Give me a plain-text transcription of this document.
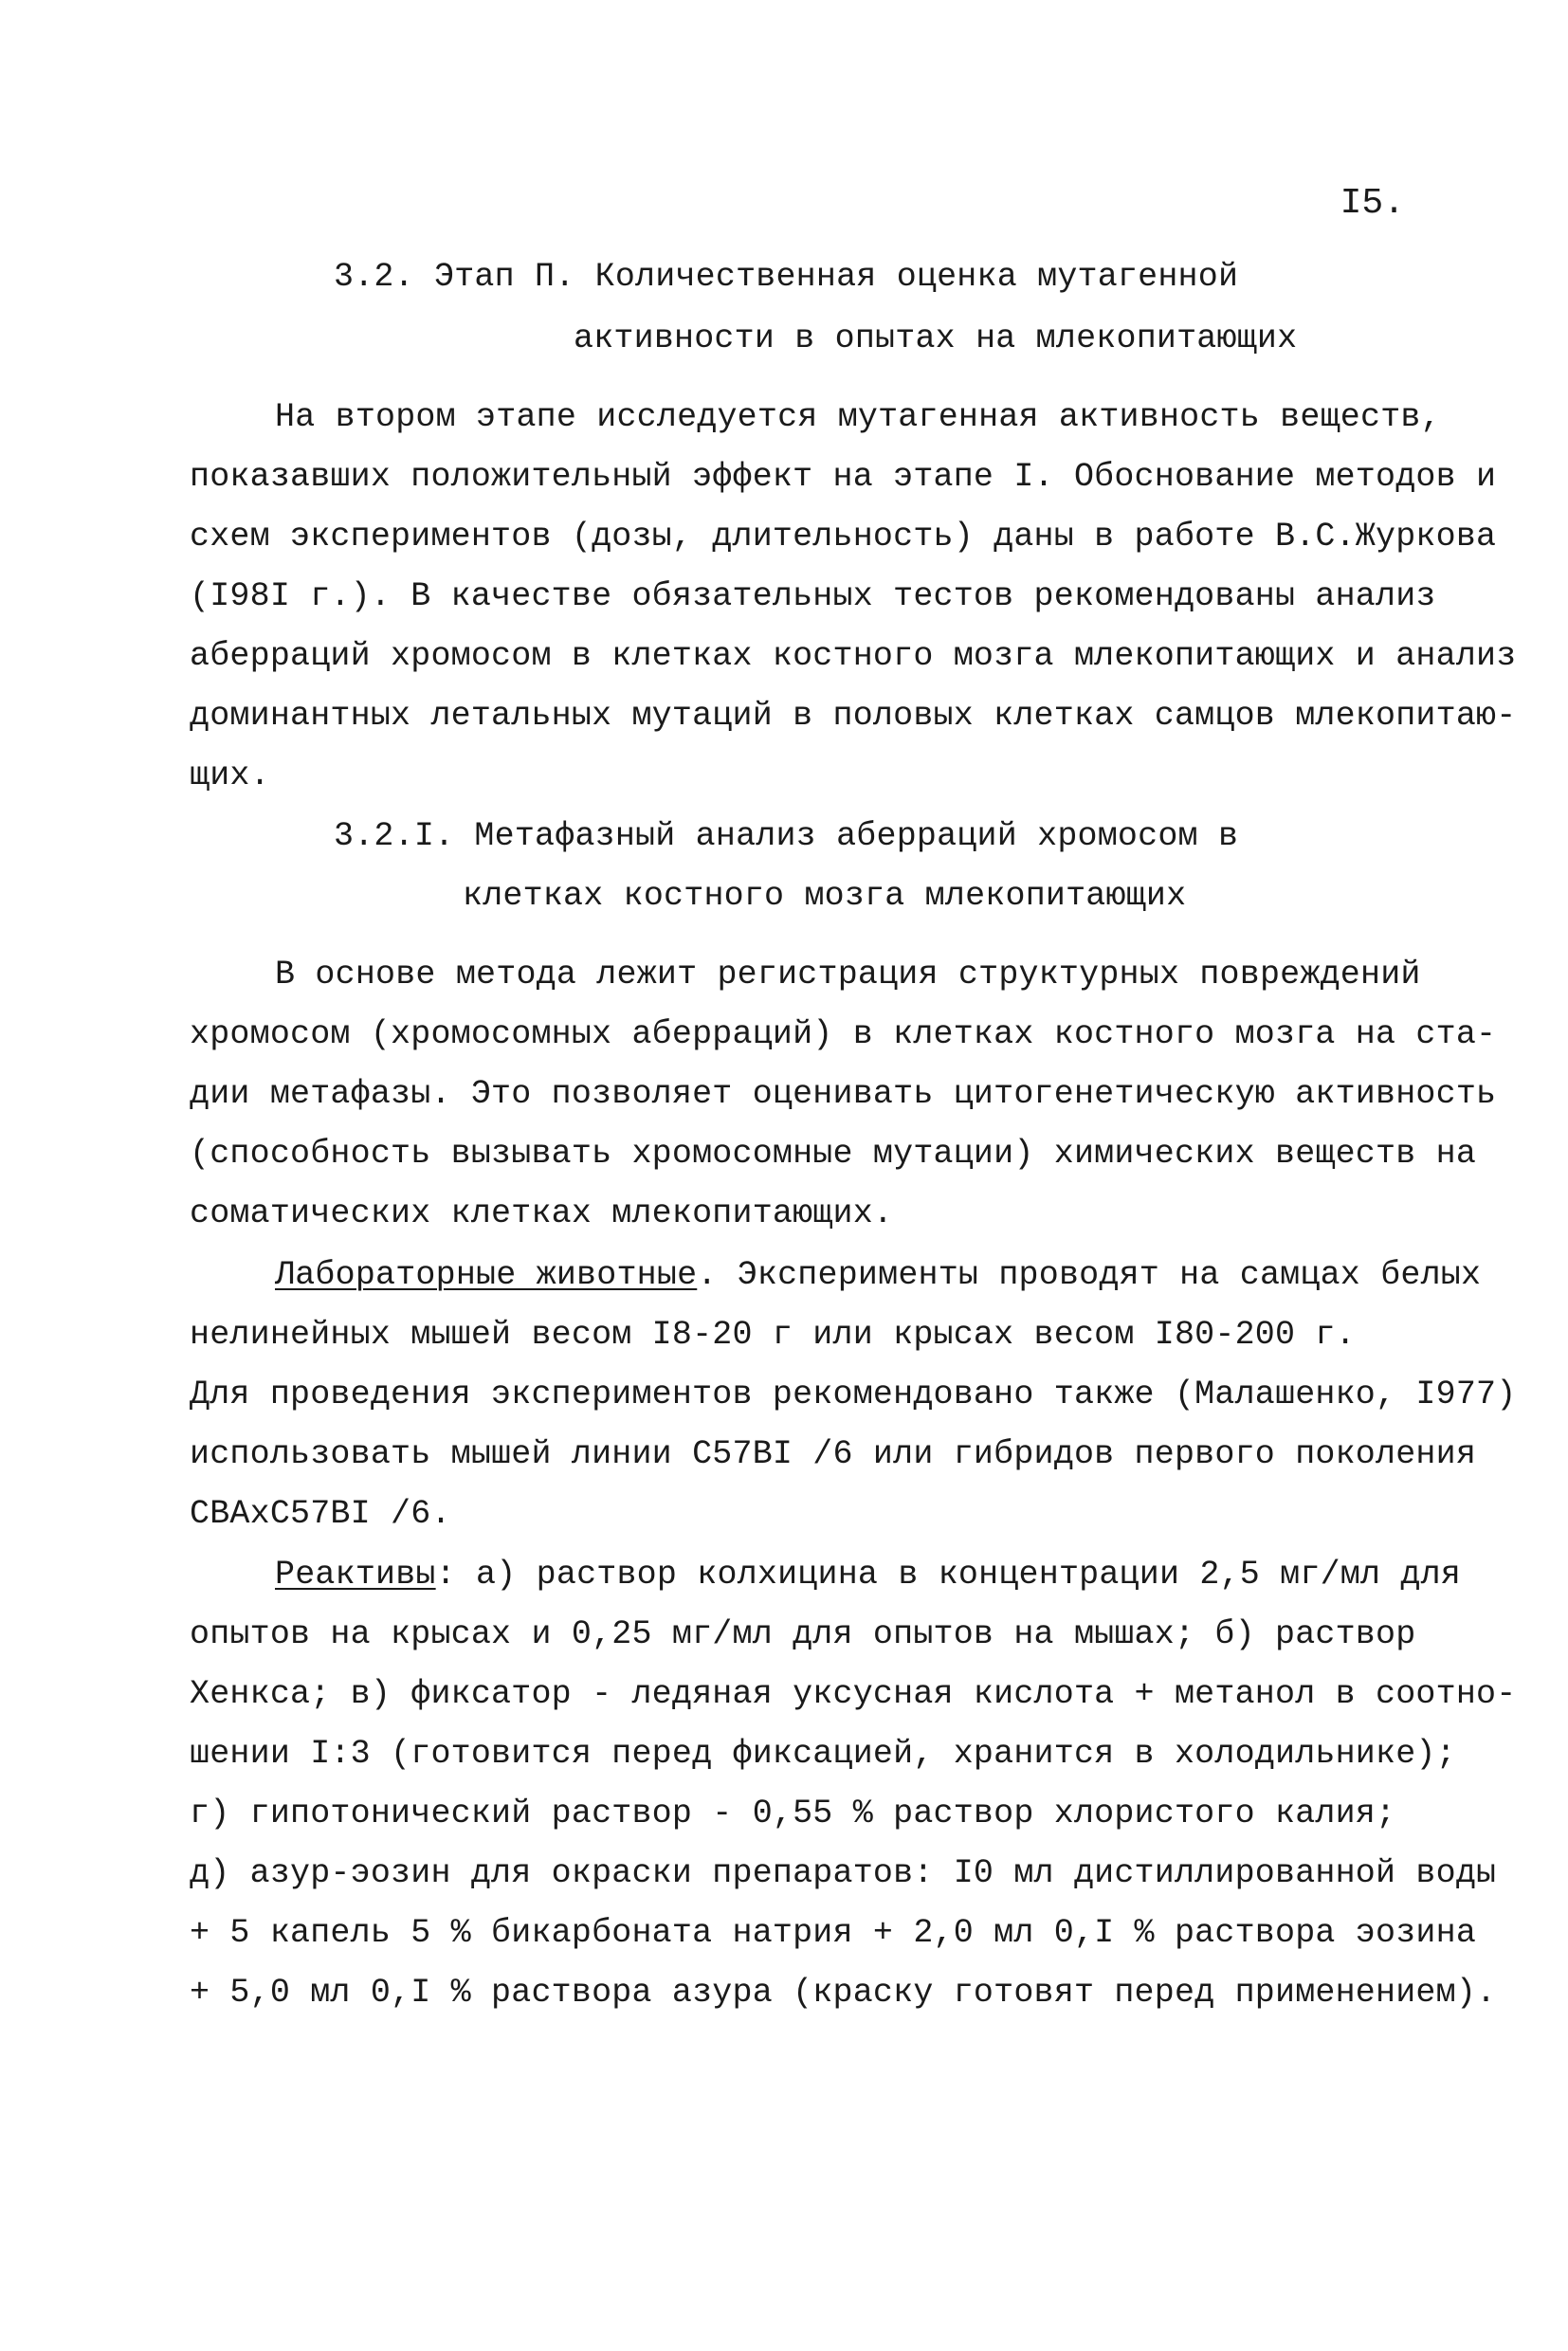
I5.
3.2. Этап П. Количественная оценка мутагенной
активности в опытах на млекопитающих
На втором этапе исследуется мутагенная активность веществ,
показавших положительный эффект на этапе I. Обоснование методов и
схем экспериментов (дозы, длительность) даны в работе В.С.Журкова
(I98I г.). В качестве обязательных тестов рекомендованы анализ
аберраций хромосом в клетках костного мозга млекопитающих и анализ
доминантных летальных мутаций в половых клетках самцов млекопитаю-
щих.
3.2.I. Метафазный анализ аберраций хромосом в
клетках костного мозга млекопитающих
В основе метода лежит регистрация структурных повреждений
хромосом (хромосомных аберраций) в клетках костного мозга на ста-
дии метафазы. Это позволяет оценивать цитогенетическую активность
(способность вызывать хромосомные мутации) химических веществ на
соматических клетках млекопитающих.
Лабораторные животные. Эксперименты проводят на самцах белых
нелинейных мышей весом I8-20 г или крысах весом I80-200 г.
Для проведения экспериментов рекомендовано также (Малашенко, I977)
использовать мышей линии С57BI /6 или гибридов первого поколения
CBAxC57BI /6.
Реактивы: а) раствор колхицина в концентрации 2,5 мг/мл для
опытов на крысах и 0,25 мг/мл для опытов на мышах; б) раствор
Хенкса; в) фиксатор - ледяная уксусная кислота + метанол в соотно-
шении I:3 (готовится перед фиксацией, хранится в холодильнике);
г) гипотонический раствор - 0,55 % раствор хлористого калия;
д) азур-эозин для окраски препаратов: I0 мл дистиллированной воды
+ 5 капель 5 % бикарбоната натрия + 2,0 мл 0,I % раствора эозина
+ 5,0 мл 0,I % раствора азура (краску готовят перед применением).
